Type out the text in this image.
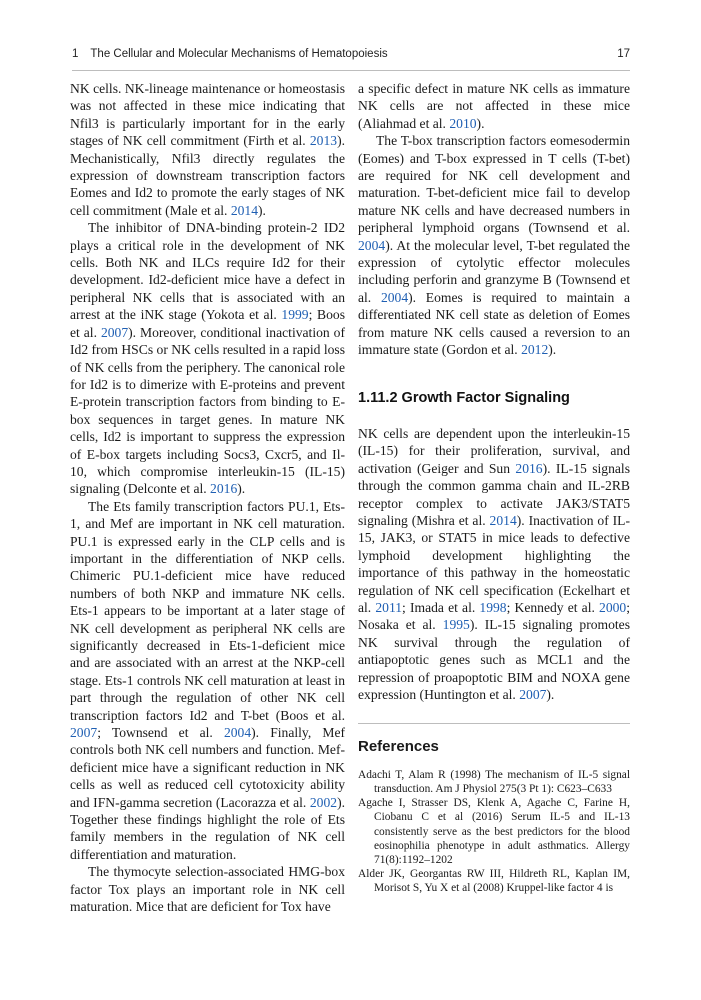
1 The Cellular and Molecular Mechanisms of Hematopoiesis	17

NK cells. NK-lineage maintenance or homeostasis was not affected in these mice indicating that Nfil3 is particularly important for in the early stages of NK cell commitment (Firth et al. 2013). Mechanistically, Nfil3 directly regulates the expression of downstream transcription factors Eomes and Id2 to promote the early stages of NK cell commitment (Male et al. 2014).

The inhibitor of DNA-binding protein-2 ID2 plays a critical role in the development of NK cells. Both NK and ILCs require Id2 for their development. Id2-deficient mice have a defect in peripheral NK cells that is associated with an arrest at the iNK stage (Yokota et al. 1999; Boos et al. 2007). Moreover, conditional inactivation of Id2 from HSCs or NK cells resulted in a rapid loss of NK cells from the periphery. The canonical role for Id2 is to dimerize with E-proteins and prevent E-protein transcription factors from binding to E-box sequences in target genes. In mature NK cells, Id2 is important to suppress the expression of E-box targets including Socs3, Cxcr5, and Il-10, which compromise interleukin-15 (IL-15) signaling (Delconte et al. 2016).

The Ets family transcription factors PU.1, Ets-1, and Mef are important in NK cell maturation. PU.1 is expressed early in the CLP cells and is important in the differentiation of NKP cells. Chimeric PU.1-deficient mice have reduced numbers of both NKP and immature NK cells. Ets-1 appears to be important at a later stage of NK cell development as peripheral NK cells are significantly decreased in Ets-1-deficient mice and are associated with an arrest at the NKP-cell stage. Ets-1 controls NK cell maturation at least in part through the regulation of other NK cell transcription factors Id2 and T-bet (Boos et al. 2007; Townsend et al. 2004). Finally, Mef controls both NK cell numbers and function. Mef-deficient mice have a significant reduction in NK cells as well as reduced cell cytotoxicity ability and IFN-gamma secretion (Lacorazza et al. 2002). Together these findings highlight the role of Ets family members in the regulation of NK cell differentiation and maturation.

The thymocyte selection-associated HMG-box factor Tox plays an important role in NK cell maturation. Mice that are deficient for Tox have

a specific defect in mature NK cells as immature NK cells are not affected in these mice (Aliahmad et al. 2010).

The T-box transcription factors eomesodermin (Eomes) and T-box expressed in T cells (T-bet) are required for NK cell development and maturation. T-bet-deficient mice fail to develop mature NK cells and have decreased numbers in peripheral lymphoid organs (Townsend et al. 2004). At the molecular level, T-bet regulated the expression of cytolytic effector molecules including perforin and granzyme B (Townsend et al. 2004). Eomes is required to maintain a differentiated NK cell state as deletion of Eomes from mature NK cells caused a reversion to an immature state (Gordon et al. 2012).

1.11.2 Growth Factor Signaling

NK cells are dependent upon the interleukin-15 (IL-15) for their proliferation, survival, and activation (Geiger and Sun 2016). IL-15 signals through the common gamma chain and IL-2RB receptor complex to activate JAK3/STAT5 signaling (Mishra et al. 2014). Inactivation of IL-15, JAK3, or STAT5 in mice leads to defective lymphoid development highlighting the importance of this pathway in the homeostatic regulation of NK cell specification (Eckelhart et al. 2011; Imada et al. 1998; Kennedy et al. 2000; Nosaka et al. 1995). IL-15 signaling promotes NK survival through the regulation of antiapoptotic genes such as MCL1 and the repression of proapoptotic BIM and NOXA gene expression (Huntington et al. 2007).

References
Adachi T, Alam R (1998) The mechanism of IL-5 signal transduction. Am J Physiol 275(3 Pt 1): C623–C633
Agache I, Strasser DS, Klenk A, Agache C, Farine H, Ciobanu C et al (2016) Serum IL-5 and IL-13 consistently serve as the best predictors for the blood eosinophilia phenotype in adult asthmatics. Allergy 71(8):1192–1202
Alder JK, Georgantas RW III, Hildreth RL, Kaplan IM, Morisot S, Yu X et al (2008) Kruppel-like factor 4 is
